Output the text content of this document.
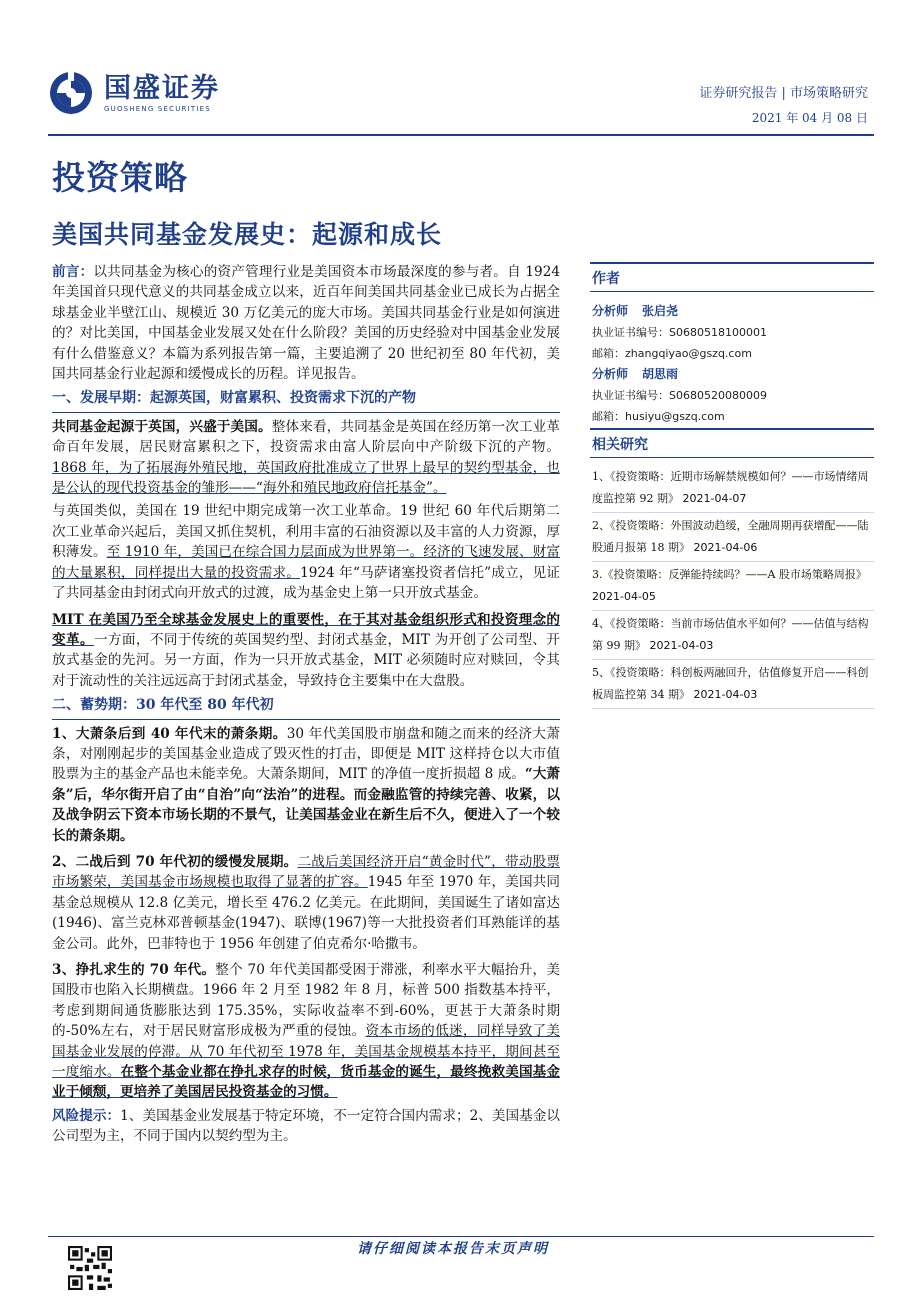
国盛证券
GUOSHENG SECURITIES
证券研究报告 | 市场策略研究
2021 年 04 月 08 日
投资策略
美国共同基金发展史：起源和成长

前言：以共同基金为核心的资产管理行业是美国资本市场最深度的参与者。自 1924 年美国首只现代意义的共同基金成立以来，近百年间美国共同基金业已成长为占据全球基金业半壁江山、规模近 30 万亿美元的庞大市场。美国共同基金行业是如何演进的？对比美国，中国基金业发展又处在什么阶段？美国的历史经验对中国基金业发展有什么借鉴意义？本篇为系列报告第一篇，主要追溯了 20 世纪初至 80 年代初，美国共同基金行业起源和缓慢成长的历程。详见报告。

一、发展早期：起源英国，财富累积、投资需求下沉的产物

共同基金起源于英国，兴盛于美国。整体来看，共同基金是英国在经历第一次工业革命百年发展，居民财富累积之下，投资需求由富人阶层向中产阶级下沉的产物。1868 年，为了拓展海外殖民地，英国政府批准成立了世界上最早的契约型基金，也是公认的现代投资基金的雏形——“海外和殖民地政府信托基金”。

与英国类似，美国在 19 世纪中期完成第一次工业革命。19 世纪 60 年代后期第二次工业革命兴起后，美国又抓住契机，利用丰富的石油资源以及丰富的人力资源，厚积薄发。至 1910 年，美国已在综合国力层面成为世界第一。经济的飞速发展、财富的大量累积，同样提出大量的投资需求。1924 年“马萨诸塞投资者信托”成立，见证了共同基金由封闭式向开放式的过渡，成为基金史上第一只开放式基金。

MIT 在美国乃至全球基金发展史上的重要性，在于其对基金组织形式和投资理念的变革。一方面，不同于传统的英国契约型、封闭式基金，MIT 为开创了公司型、开放式基金的先河。另一方面，作为一只开放式基金，MIT 必须随时应对赎回，令其对于流动性的关注远远高于封闭式基金，导致持仓主要集中在大盘股。

二、蓄势期：30 年代至 80 年代初

1、大萧条后到 40 年代末的萧条期。30 年代美国股市崩盘和随之而来的经济大萧条，对刚刚起步的美国基金业造成了毁灭性的打击，即便是 MIT 这样持仓以大市值股票为主的基金产品也未能幸免。大萧条期间，MIT 的净值一度折损超 8 成。“大萧条”后，华尔街开启了由“自治”向“法治”的进程。而金融监管的持续完善、收紧，以及战争阴云下资本市场长期的不景气，让美国基金业在新生后不久，便进入了一个较长的萧条期。

2、二战后到 70 年代初的缓慢发展期。二战后美国经济开启“黄金时代”，带动股票市场繁荣，美国基金市场规模也取得了显著的扩容。1945 年至 1970 年，美国共同基金总规模从 12.8 亿美元，增长至 476.2 亿美元。在此期间，美国诞生了诸如富达(1946)、富兰克林邓普顿基金(1947)、联博(1967)等一大批投资者们耳熟能详的基金公司。此外，巴菲特也于 1956 年创建了伯克希尔·哈撒韦。

3、挣扎求生的 70 年代。整个 70 年代美国都受困于滞涨，利率水平大幅抬升，美国股市也陷入长期横盘。1966 年 2 月至 1982 年 8 月，标普 500 指数基本持平，考虑到期间通货膨胀达到 175.35%，实际收益率不到-60%，更甚于大萧条时期的-50%左右，对于居民财富形成极为严重的侵蚀。资本市场的低迷，同样导致了美国基金业发展的停滞。从 70 年代初至 1978 年，美国基金规模基本持平，期间甚至一度缩水。在整个基金业都在挣扎求存的时候，货币基金的诞生，最终挽救美国基金业于倾颓，更培养了美国居民投资基金的习惯。

风险提示：1、美国基金业发展基于特定环境，不一定符合国内需求；2、美国基金以公司型为主，不同于国内以契约型为主。

作者
分析师 张启尧
执业证书编号：S0680518100001
邮箱：zhangqiyao@gszq.com
分析师 胡思雨
执业证书编号：S0680520080009
邮箱：husiyu@gszq.com
相关研究
1、《投资策略：近期市场解禁规模如何？——市场情绪周度监控第 92 期》 2021-04-07
2、《投资策略：外围波动趋缓，全融周期再获增配——陆股通月报第 18 期》 2021-04-06
3.《投资策略：反弹能持续吗？——A 股市场策略周报》
2021-04-05
4、《投资策略：当前市场估值水平如何？——估值与结构第 99 期》 2021-04-03
5、《投资策略：科创板两融回升，估值修复开启——科创板周监控第 34 期》 2021-04-03
请仔细阅读本报告末页声明
